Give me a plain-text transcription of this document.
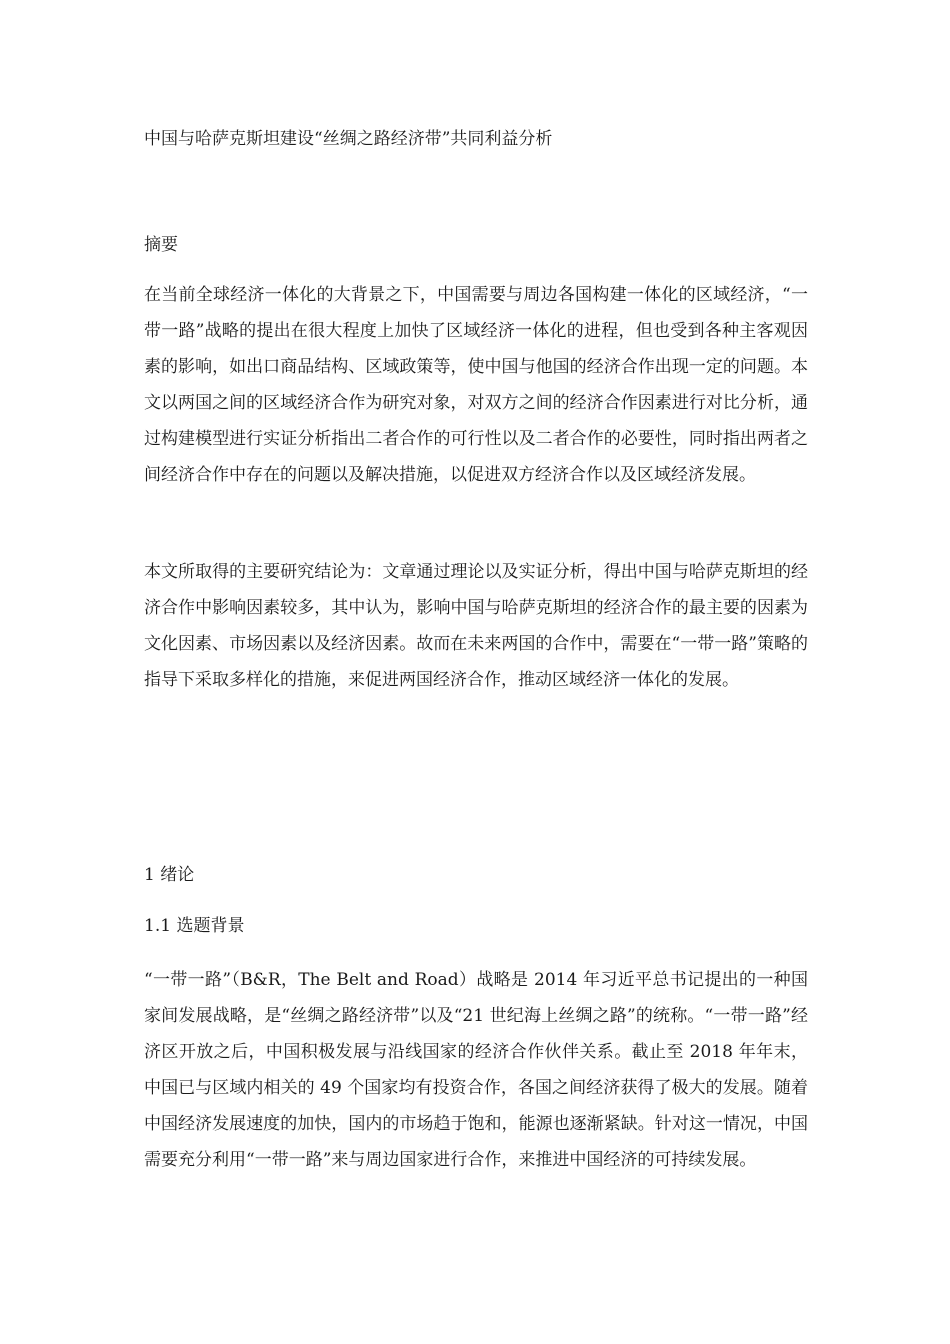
中国与哈萨克斯坦建设“丝绸之路经济带”共同利益分析
摘要
在当前全球经济一体化的大背景之下，中国需要与周边各国构建一体化的区域经济，“一带一路”战略的提出在很大程度上加快了区域经济一体化的进程，但也受到各种主客观因素的影响，如出口商品结构、区域政策等，使中国与他国的经济合作出现一定的问题。本文以两国之间的区域经济合作为研究对象，对双方之间的经济合作因素进行对比分析，通过构建模型进行实证分析指出二者合作的可行性以及二者合作的必要性，同时指出两者之间经济合作中存在的问题以及解决措施，以促进双方经济合作以及区域经济发展。
本文所取得的主要研究结论为：文章通过理论以及实证分析，得出中国与哈萨克斯坦的经济合作中影响因素较多，其中认为，影响中国与哈萨克斯坦的经济合作的最主要的因素为文化因素、市场因素以及经济因素。故而在未来两国的合作中，需要在“一带一路”策略的指导下采取多样化的措施，来促进两国经济合作，推动区域经济一体化的发展。
1 绪论
1.1 选题背景
“一带一路”（B&R，The Belt and Road）战略是 2014 年习近平总书记提出的一种国家间发展战略，是“丝绸之路经济带”以及“21 世纪海上丝绸之路”的统称。“一带一路”经济区开放之后，中国积极发展与沿线国家的经济合作伙伴关系。截止至 2018 年年末，中国已与区域内相关的 49 个国家均有投资合作，各国之间经济获得了极大的发展。随着中国经济发展速度的加快，国内的市场趋于饱和，能源也逐渐紧缺。针对这一情况，中国需要充分利用“一带一路”来与周边国家进行合作，来推进中国经济的可持续发展。
